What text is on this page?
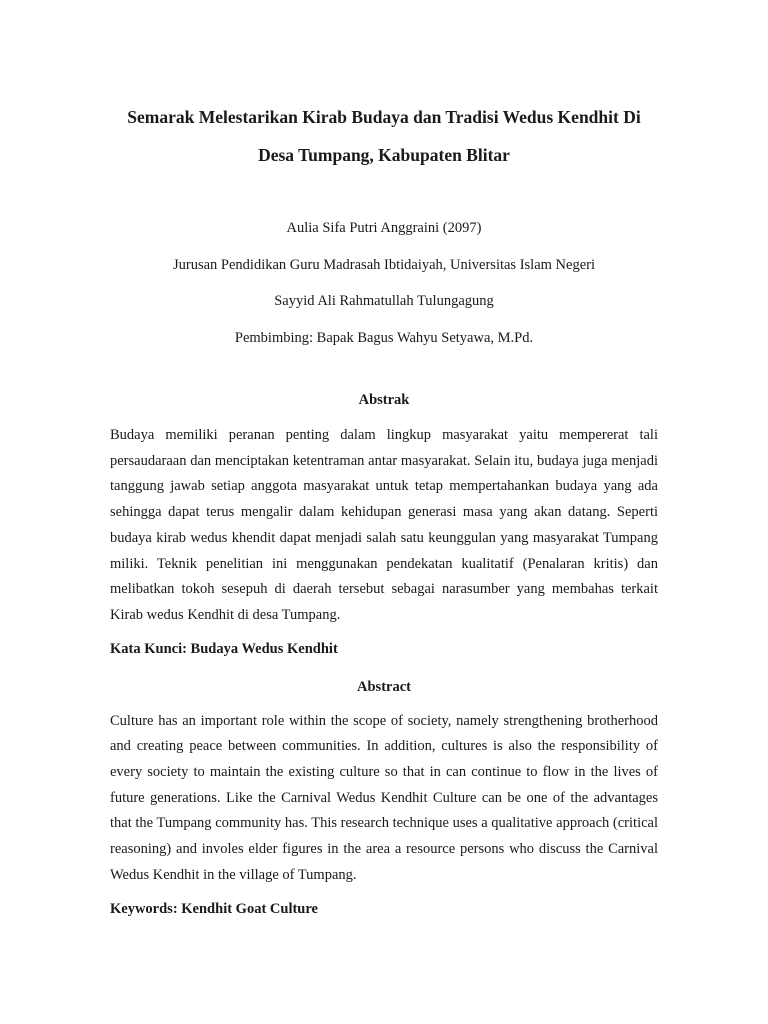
Semarak Melestarikan Kirab Budaya dan Tradisi Wedus Kendhit Di
Desa Tumpang, Kabupaten Blitar
Aulia Sifa Putri Anggraini (2097)
Jurusan Pendidikan Guru Madrasah Ibtidaiyah, Universitas Islam Negeri
Sayyid Ali Rahmatullah Tulungagung
Pembimbing: Bapak Bagus Wahyu Setyawa, M.Pd.
Abstrak

Budaya memiliki peranan penting dalam lingkup masyarakat yaitu mempererat tali persaudaraan dan menciptakan ketentraman antar masyarakat. Selain itu, budaya juga menjadi tanggung jawab setiap anggota masyarakat untuk tetap mempertahankan budaya yang ada sehingga dapat terus mengalir dalam kehidupan generasi masa yang akan datang. Seperti budaya kirab wedus khendit dapat menjadi salah satu keunggulan yang masyarakat Tumpang miliki. Teknik penelitian ini menggunakan pendekatan kualitatif (Penalaran kritis) dan melibatkan tokoh sesepuh di daerah tersebut sebagai narasumber yang membahas terkait Kirab wedus Kendhit di desa Tumpang.

Kata Kunci: Budaya Wedus Kendhit

Abstract

Culture has an important role within the scope of society, namely strengthening brotherhood and creating peace between communities. In addition, cultures is also the responsibility of every society to maintain the existing culture so that in can continue to flow in the lives of future generations. Like the Carnival Wedus Kendhit Culture can be one of the advantages that the Tumpang community has. This research technique uses a qualitative approach (critical reasoning) and involes elder figures in the area a resource persons who discuss the Carnival Wedus Kendhit in the village of Tumpang.

Keywords: Kendhit Goat Culture
